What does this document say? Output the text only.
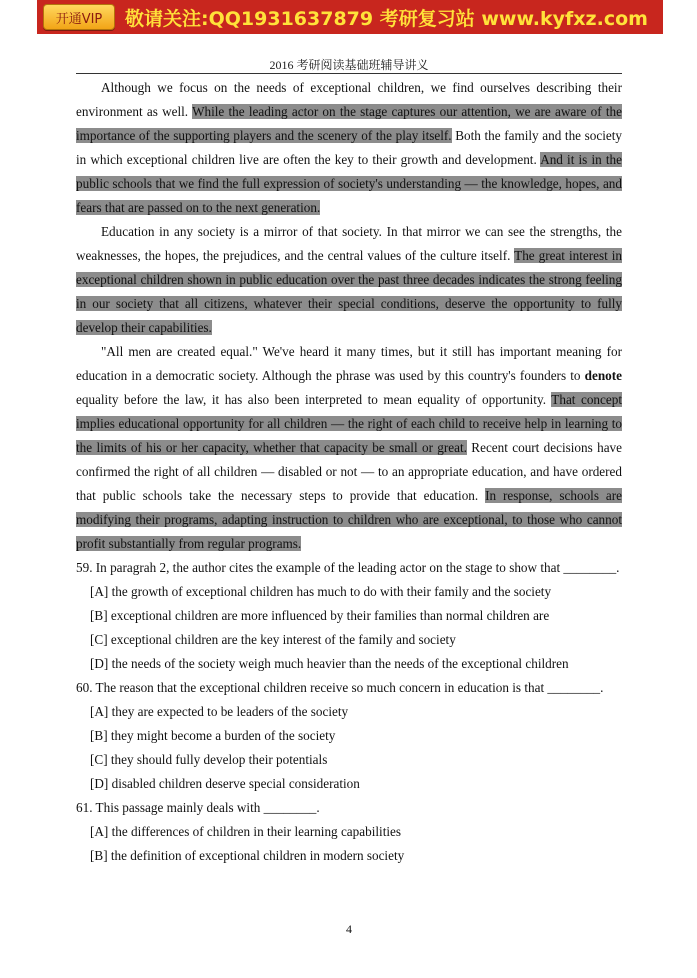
开通VIP	敬请关注:QQ1931637879 考研复习站 www.kyfxz.com
2016 考研阅读基础班辅导讲义

Although we focus on the needs of exceptional children, we find ourselves describing their environment as well. While the leading actor on the stage captures our attention, we are aware of the importance of the supporting players and the scenery of the play itself. Both the family and the society in which exceptional children live are often the key to their growth and development. And it is in the public schools that we find the full expression of society's understanding — the knowledge, hopes, and fears that are passed on to the next generation.

Education in any society is a mirror of that society. In that mirror we can see the strengths, the weaknesses, the hopes, the prejudices, and the central values of the culture itself. The great interest in exceptional children shown in public education over the past three decades indicates the strong feeling in our society that all citizens, whatever their special conditions, deserve the opportunity to fully develop their capabilities.

"All men are created equal." We've heard it many times, but it still has important meaning for education in a democratic society. Although the phrase was used by this country's founders to denote equality before the law, it has also been interpreted to mean equality of opportunity. That concept implies educational opportunity for all children — the right of each child to receive help in learning to the limits of his or her capacity, whether that capacity be small or great. Recent court decisions have confirmed the right of all children — disabled or not — to an appropriate education, and have ordered that public schools take the necessary steps to provide that education. In response, schools are modifying their programs, adapting instruction to children who are exceptional, to those who cannot profit substantially from regular programs.

59. In paragrah 2, the author cites the example of the leading actor on the stage to show that ________.

[A] the growth of exceptional children has much to do with their family and the society

[B] exceptional children are more influenced by their families than normal children are

[C] exceptional children are the key interest of the family and society

[D] the needs of the society weigh much heavier than the needs of the exceptional children

60. The reason that the exceptional children receive so much concern in education is that ________.

[A] they are expected to be leaders of the society

[B] they might become a burden of the society

[C] they should fully develop their potentials

[D] disabled children deserve special consideration

61. This passage mainly deals with ________.

[A] the differences of children in their learning capabilities

[B] the definition of exceptional children in modern society

4
